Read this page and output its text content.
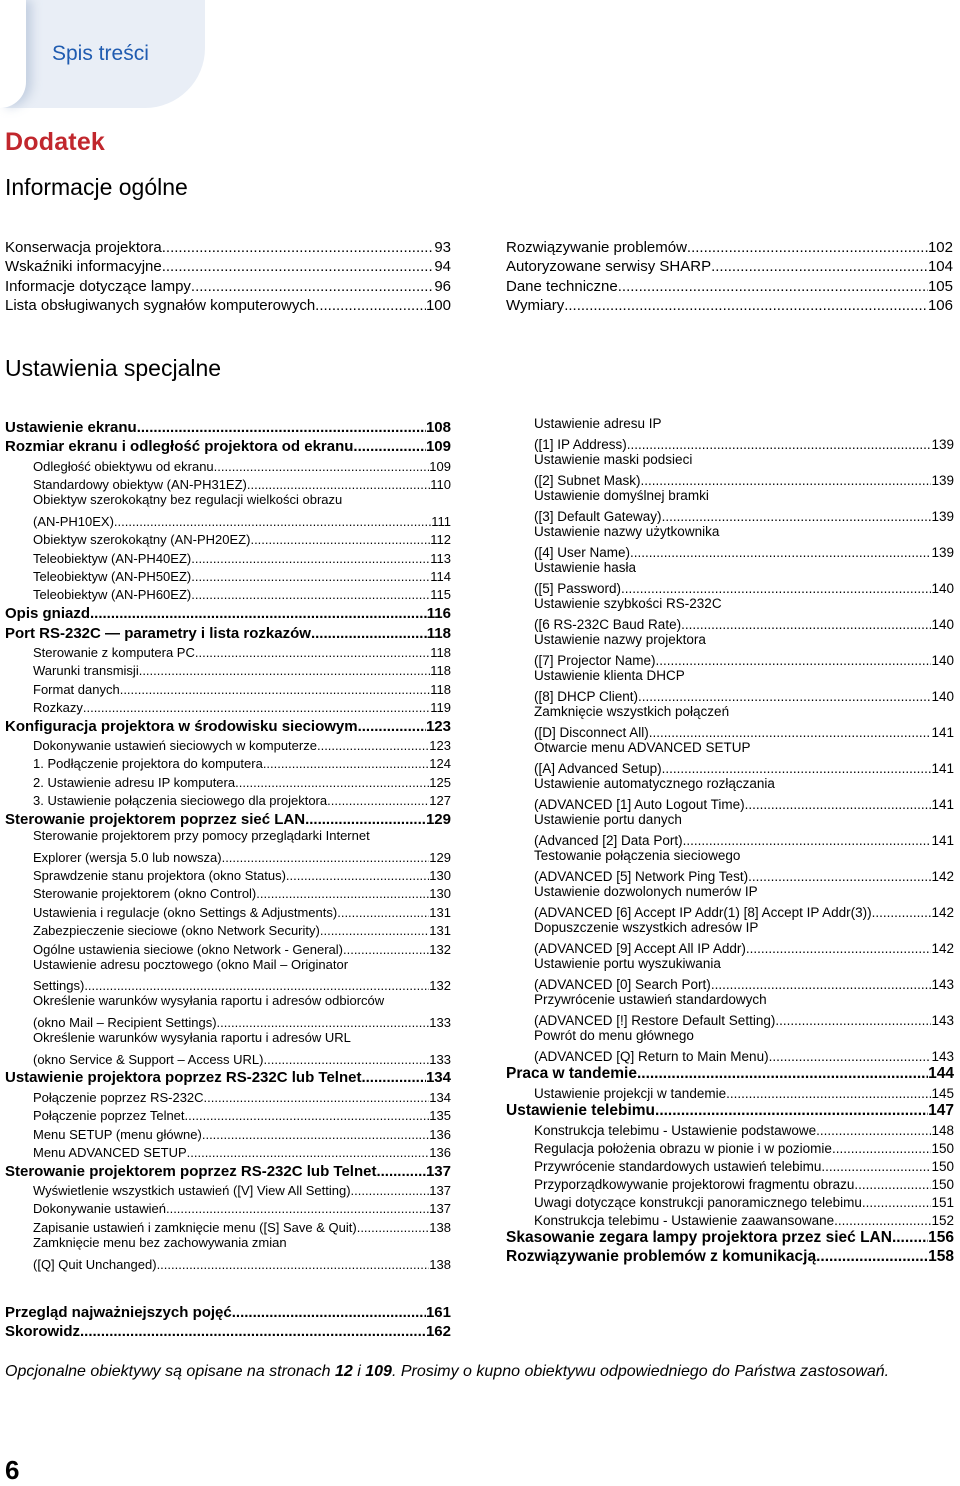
Spis treści
Dodatek
Informacje ogólne
Konserwacja projektora .....	93
Wskaźniki informacyjne .....	94
Informacje dotyczące lampy .....	96
Lista obsługiwanych sygnałów komputerowych .....	100
Rozwiązywanie problemów .....	102
Autoryzowane serwisy SHARP .....	104
Dane techniczne .....	105
Wymiary .....	106
Ustawienia specjalne
Ustawienie ekranu .....	108
Rozmiar ekranu i odległość projektora od ekranu .....	109
Odległość obiektywu od ekranu .....	109
Standardowy obiektyw (AN-PH31EZ) .....	110
Obiektyw szerokokątny bez regulacji wielkości obrazu
(AN-PH10EX) .....	111
Obiektyw szerokokątny (AN-PH20EZ) .....	112
Teleobiektyw (AN-PH40EZ) .....	113
Teleobiektyw (AN-PH50EZ) .....	114
Teleobiektyw (AN-PH60EZ) .....	115
Opis gniazd .....	116
Port RS-232C — parametry i lista rozkazów .....	118
Sterowanie z komputera PC .....	118
Warunki transmisji .....	118
Format danych .....	118
Rozkazy .....	119
Konfiguracja projektora w środowisku sieciowym .....	123
Dokonywanie ustawień sieciowych w komputerze .....	123
1. Podłączenie projektora do komputera .....	124
2. Ustawienie adresu IP komputera .....	125
3. Ustawienie połączenia sieciowego dla projektora .....	127
Sterowanie projektorem poprzez sieć LAN .....	129
Sterowanie projektorem przy pomocy przeglądarki Internet
Explorer (wersja 5.0 lub nowsza) .....	129
Sprawdzenie stanu projektora (okno Status) .....	130
Sterowanie projektorem (okno Control) .....	130
Ustawienia i regulacje (okno Settings & Adjustments) .....	131
Zabezpieczenie sieciowe (okno Network Security) .....	131
Ogólne ustawienia sieciowe (okno Network - General) .....	132
Ustawienie adresu pocztowego (okno Mail – Originator
Settings) .....	132
Określenie warunków wysyłania raportu i adresów odbiorców
(okno Mail – Recipient Settings) .....	133
Określenie warunków wysyłania raportu i adresów URL
(okno Service & Support – Access URL) .....	133
Ustawienie projektora poprzez RS-232C lub Telnet .....	134
Połączenie poprzez RS-232C .....	134
Połączenie poprzez Telnet .....	135
Menu SETUP (menu główne) .....	136
Menu ADVANCED SETUP .....	136
Sterowanie projektorem poprzez RS-232C lub Telnet .....	137
Wyświetlenie wszystkich ustawień ([V] View All Setting) .....	137
Dokonywanie ustawień .....	137
Zapisanie ustawień i zamknięcie menu ([S] Save & Quit) .....	138
Zamknięcie menu bez zachowywania zmian
([Q] Quit Unchanged) .....	138
Ustawienie adresu IP
([1] IP Address) .....	139
Ustawienie maski podsieci
([2] Subnet Mask) .....	139
Ustawienie domyślnej bramki
([3] Default Gateway) .....	139
Ustawienie nazwy użytkownika
([4] User Name) .....	139
Ustawienie hasła
([5] Password) .....	140
Ustawienie szybkości RS-232C
([6 RS-232C Baud Rate) .....	140
Ustawienie nazwy projektora
([7] Projector Name) .....	140
Ustawienie klienta DHCP
([8] DHCP Client) .....	140
Zamknięcie wszystkich połączeń
([D] Disconnect All) .....	141
Otwarcie menu ADVANCED SETUP
([A] Advanced Setup) .....	141
Ustawienie automatycznego rozłączania
(ADVANCED [1] Auto Logout Time) .....	141
Ustawienie portu danych
(Advanced [2] Data Port) .....	141
Testowanie połączenia sieciowego
(ADVANCED [5] Network Ping Test) .....	142
Ustawienie dozwolonych numerów IP
(ADVANCED [6] Accept IP Addr(1) [8] Accept IP Addr(3)) .....	142
Dopuszczenie wszystkich adresów IP
(ADVANCED [9] Accept All IP Addr) .....	142
Ustawienie portu wyszukiwania
(ADVANCED [0] Search Port) .....	143
Przywrócenie ustawień standardowych
(ADVANCED [!] Restore Default Setting) .....	143
Powrót do menu głównego
(ADVANCED [Q] Return to Main Menu) .....	143
Praca w tandemie .....	144
Ustawienie projekcji w tandemie .....	145
Ustawienie telebimu .....	147
Konstrukcja telebimu - Ustawienie podstawowe .....	148
Regulacja położenia obrazu w pionie i w poziomie .....	150
Przywrócenie standardowych ustawień telebimu .....	150
Przyporządkowywanie projektorowi fragmentu obrazu .....	150
Uwagi dotyczące konstrukcji panoramicznego telebimu .....	151
Konstrukcja telebimu - Ustawienie zaawansowane .....	152
Skasowanie zegara lampy projektora przez sieć LAN ..... 156
Rozwiązywanie problemów z komunikacją .....	158
Przegląd najważniejszych pojęć .....	161
Skorowidz .....	162
Opcjonalne obiektywy są opisane na stronach 12 i 109. Prosimy o kupno obiektywu odpowiedniego do Państwa zastosowań.
6
